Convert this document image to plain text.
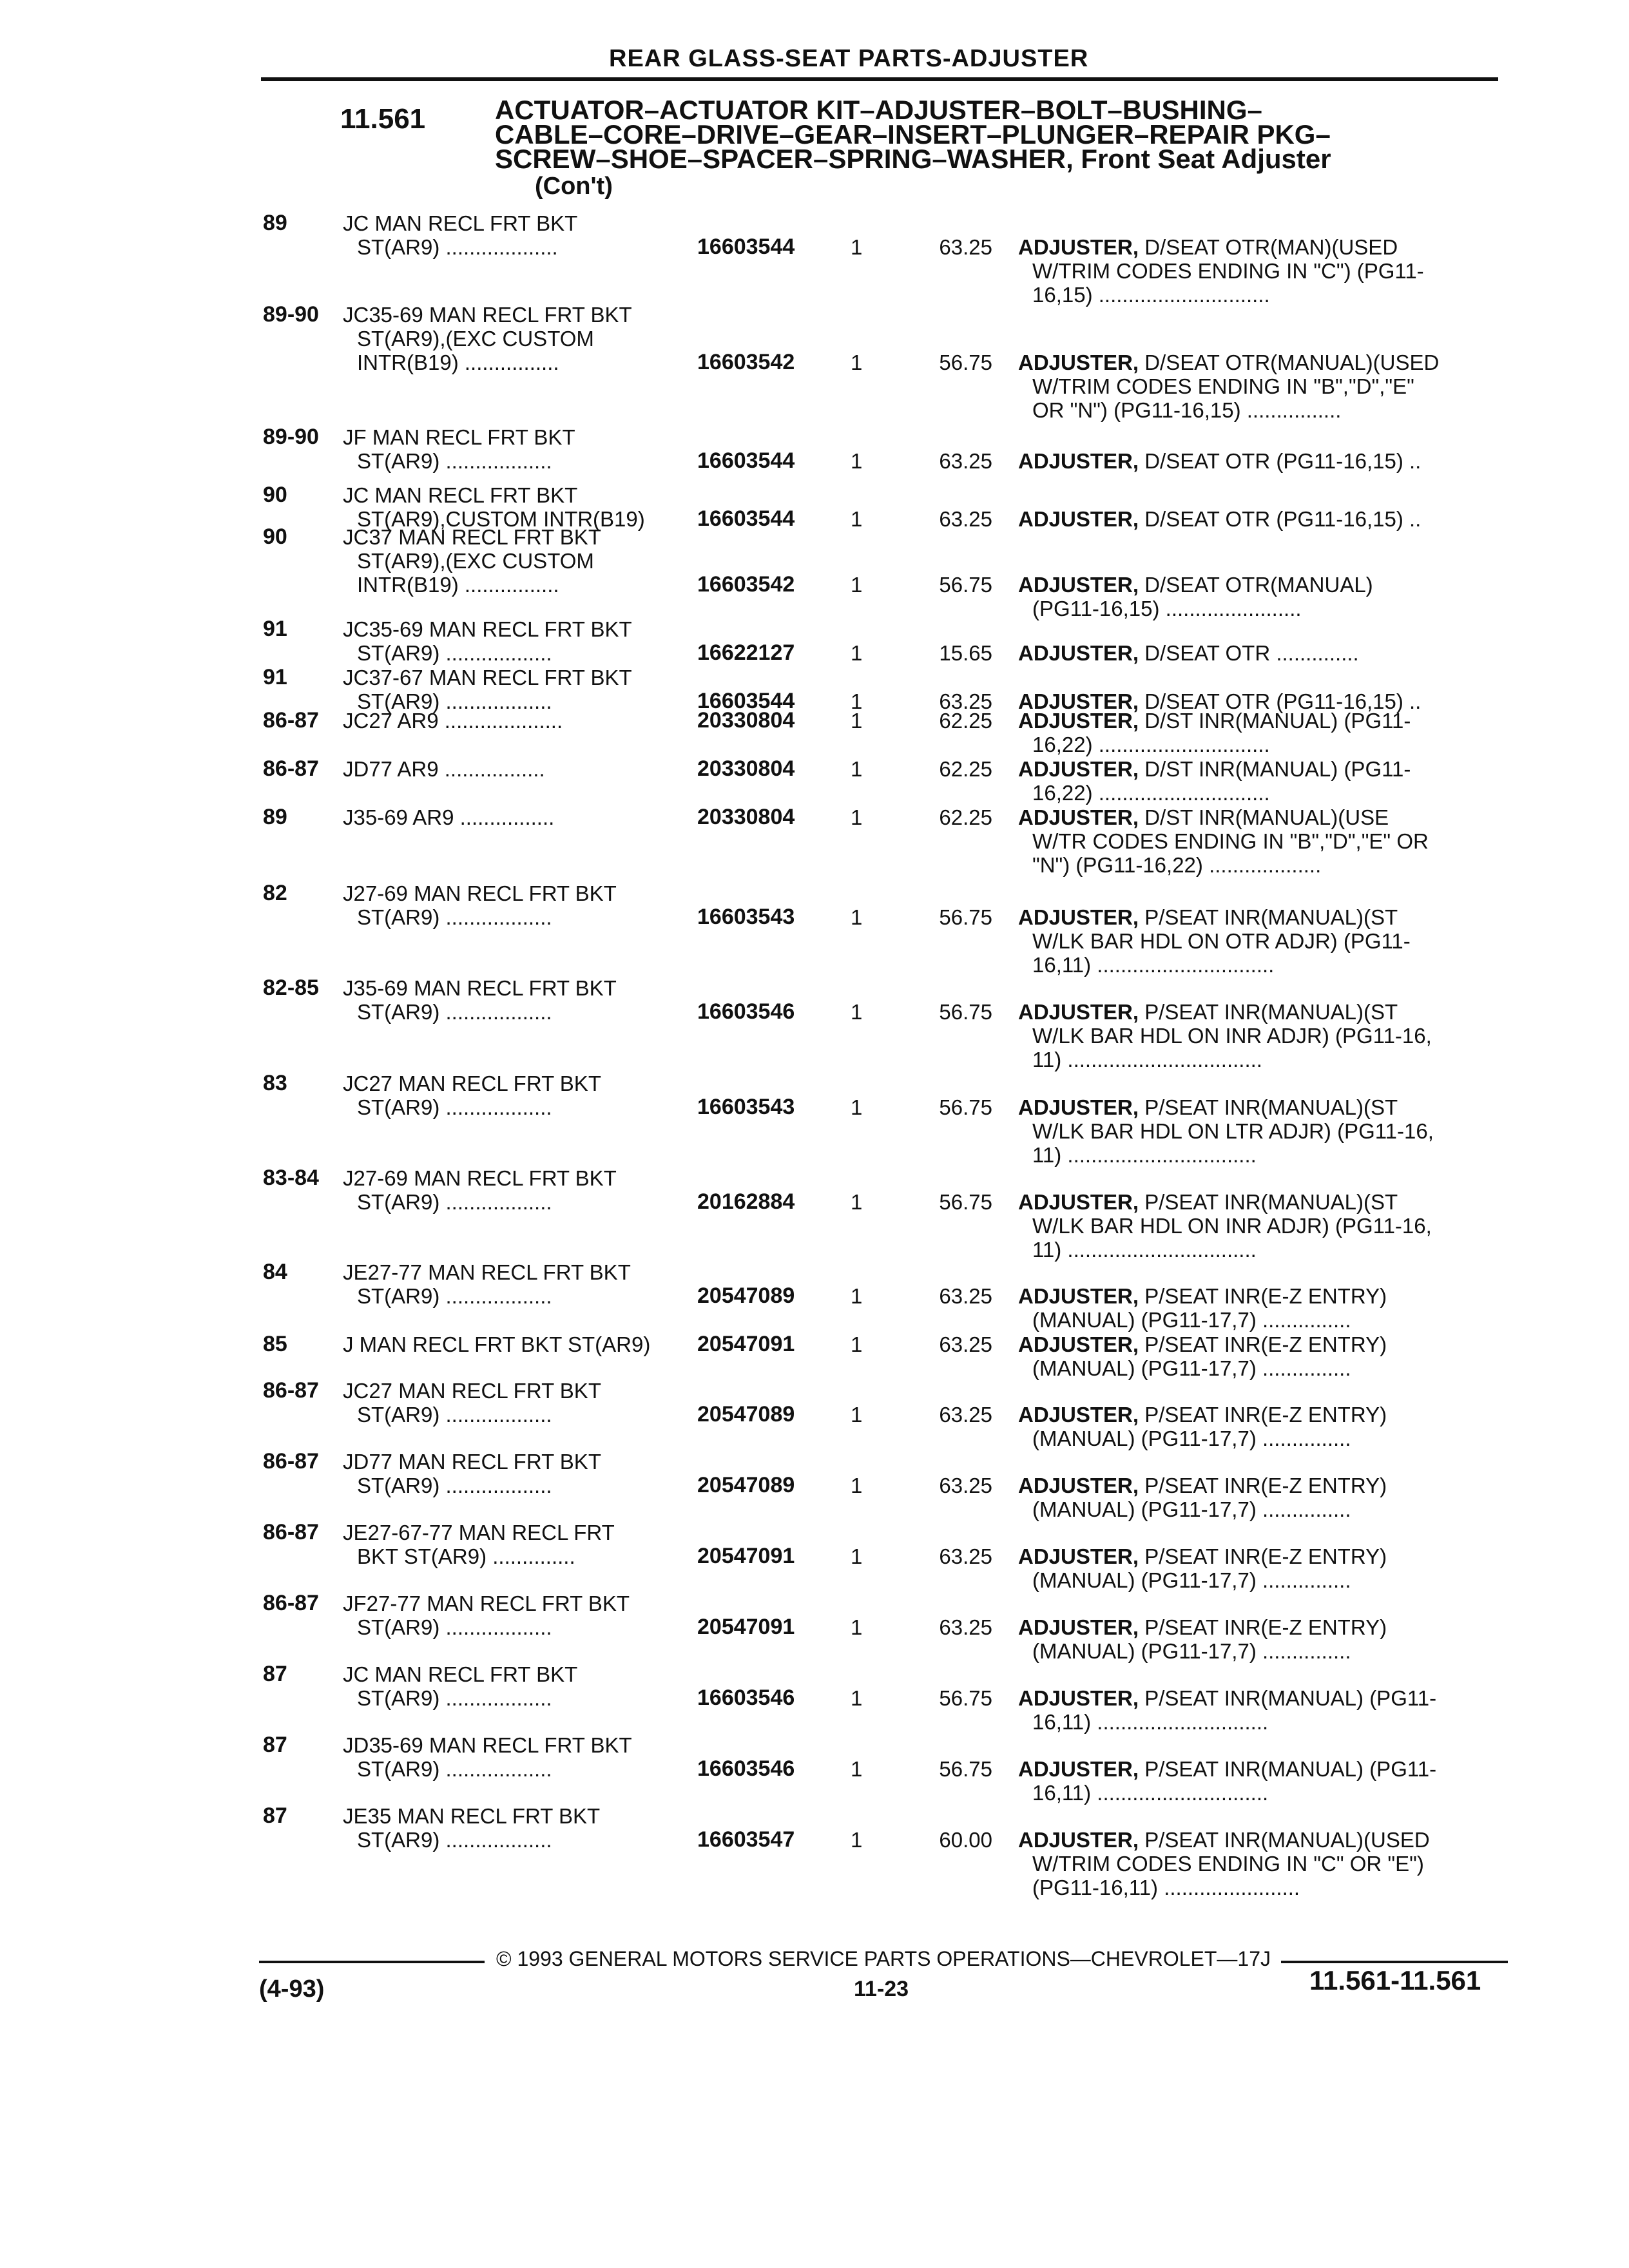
REAR GLASS-SEAT PARTS-ADJUSTER
11.561	ACTUATOR–ACTUATOR KIT–ADJUSTER–BOLT–BUSHING–
CABLE–CORE–DRIVE–GEAR–INSERT–PLUNGER–REPAIR PKG–
SCREW–SHOE–SPACER–SPRING–WASHER, Front Seat Adjuster
(Con't)
89	JC MAN RECL FRT BKT
ST(AR9) ...................	16603544	1	63.25 ADJUSTER, D/SEAT OTR(MAN)(USED
W/TRIM CODES ENDING IN "C") (PG11-
16,15) .............................
89-90 JC35-69 MAN RECL FRT BKT
ST(AR9),(EXC CUSTOM
INTR(B19) ................	16603542	1	56.75 ADJUSTER, D/SEAT OTR(MANUAL)(USED
W/TRIM CODES ENDING IN "B","D","E"
OR "N") (PG11-16,15) ................
89-90 JF MAN RECL FRT BKT
ST(AR9) ..................	16603544	1	63.25 ADJUSTER, D/SEAT OTR (PG11-16,15) ..
90	JC MAN RECL FRT BKT
ST(AR9),CUSTOM INTR(B19)	16603544	1	63.25 ADJUSTER, D/SEAT OTR (PG11-16,15) ..
90	JC37 MAN RECL FRT BKT
ST(AR9),(EXC CUSTOM
INTR(B19) ................	16603542	1	56.75 ADJUSTER, D/SEAT OTR(MANUAL)
(PG11-16,15) .......................
91	JC35-69 MAN RECL FRT BKT
ST(AR9) ..................	16622127	1	15.65 ADJUSTER, D/SEAT OTR ..............
91	JC37-67 MAN RECL FRT BKT
ST(AR9) ..................	16603544	1	63.25 ADJUSTER, D/SEAT OTR (PG11-16,15) ..
86-87 JC27 AR9 ....................	20330804	1	62.25 ADJUSTER, D/ST INR(MANUAL) (PG11-
16,22) .............................
86-87 JD77 AR9 .................	20330804	1	62.25 ADJUSTER, D/ST INR(MANUAL) (PG11-
16,22) .............................
89	J35-69 AR9 ................	20330804	1	62.25 ADJUSTER, D/ST INR(MANUAL)(USE
W/TR CODES ENDING IN "B","D","E" OR
"N") (PG11-16,22) ...................
82	J27-69 MAN RECL FRT BKT
ST(AR9) ..................	16603543	1	56.75 ADJUSTER, P/SEAT INR(MANUAL)(ST
W/LK BAR HDL ON OTR ADJR) (PG11-
16,11) ..............................
82-85 J35-69 MAN RECL FRT BKT
ST(AR9) ..................	16603546	1	56.75 ADJUSTER, P/SEAT INR(MANUAL)(ST
W/LK BAR HDL ON INR ADJR) (PG11-16,
11) .................................
83	JC27 MAN RECL FRT BKT
ST(AR9) ..................	16603543	1	56.75 ADJUSTER, P/SEAT INR(MANUAL)(ST
W/LK BAR HDL ON LTR ADJR) (PG11-16,
11) ................................
83-84 J27-69 MAN RECL FRT BKT
ST(AR9) ..................	20162884	1	56.75 ADJUSTER, P/SEAT INR(MANUAL)(ST
W/LK BAR HDL ON INR ADJR) (PG11-16,
11) ................................
84	JE27-77 MAN RECL FRT BKT
ST(AR9) ..................	20547089	1	63.25 ADJUSTER, P/SEAT INR(E-Z ENTRY)
(MANUAL) (PG11-17,7) ...............
85	J MAN RECL FRT BKT ST(AR9)	20547091	1	63.25 ADJUSTER, P/SEAT INR(E-Z ENTRY)
(MANUAL) (PG11-17,7) ...............
86-87 JC27 MAN RECL FRT BKT
ST(AR9) ..................	20547089	1	63.25 ADJUSTER, P/SEAT INR(E-Z ENTRY)
(MANUAL) (PG11-17,7) ...............
86-87 JD77 MAN RECL FRT BKT
ST(AR9) ..................	20547089	1	63.25 ADJUSTER, P/SEAT INR(E-Z ENTRY)
(MANUAL) (PG11-17,7) ...............
86-87 JE27-67-77 MAN RECL FRT
BKT ST(AR9) ..............	20547091	1	63.25 ADJUSTER, P/SEAT INR(E-Z ENTRY)
(MANUAL) (PG11-17,7) ...............
86-87 JF27-77 MAN RECL FRT BKT
ST(AR9) ..................	20547091	1	63.25 ADJUSTER, P/SEAT INR(E-Z ENTRY)
(MANUAL) (PG11-17,7) ...............
87	JC MAN RECL FRT BKT
ST(AR9) ..................	16603546	1	56.75 ADJUSTER, P/SEAT INR(MANUAL) (PG11-
16,11) .............................
87	JD35-69 MAN RECL FRT BKT
ST(AR9) ..................	16603546	1	56.75 ADJUSTER, P/SEAT INR(MANUAL) (PG11-
16,11) .............................
87	JE35 MAN RECL FRT BKT
ST(AR9) ..................	16603547	1	60.00 ADJUSTER, P/SEAT INR(MANUAL)(USED
W/TRIM CODES ENDING IN "C" OR "E")
(PG11-16,11) .......................
© 1993 GENERAL MOTORS SERVICE PARTS OPERATIONS—CHEVROLET—17J
(4-93)	11-23	11.561-11.561
